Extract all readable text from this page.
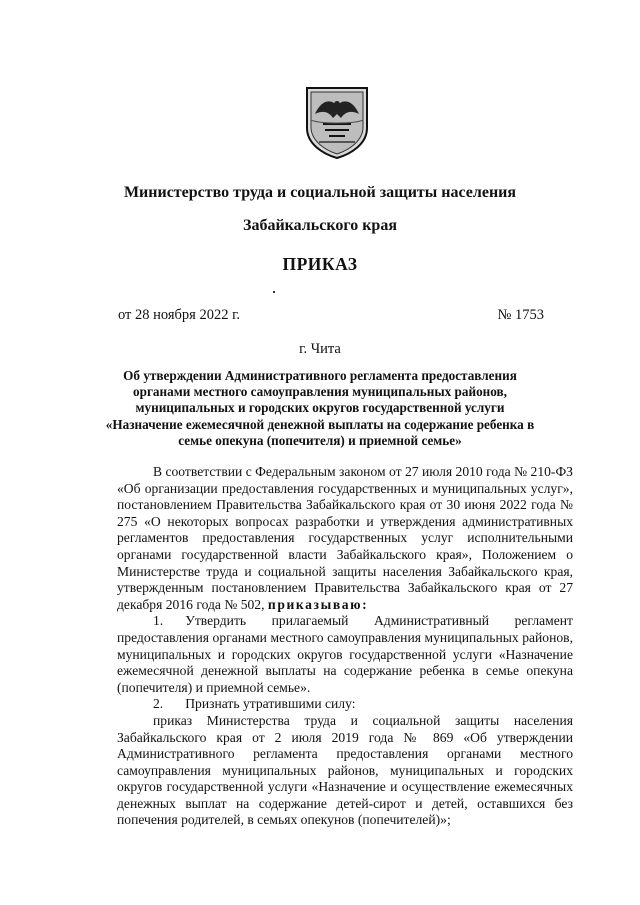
Министерство труда и социальной защиты населения
Забайкальского края
ПРИКАЗ
от 28 ноября 2022 г.	№ 1753
г. Чита
Об утверждении Административного регламента предоставления
органами местного самоуправления муниципальных районов,
муниципальных и городских округов государственной услуги
«Назначение ежемесячной денежной выплаты на содержание ребенка в
семье опекуна (попечителя) и приемной семье»

В соответствии с Федеральным законом от 27 июля 2010 года № 210-ФЗ «Об организации предоставления государственных и муниципальных услуг», постановлением Правительства Забайкальского края от 30 июня 2022 года № 275 «О некоторых вопросах разработки и утверждения административных регламентов предоставления государственных услуг исполнительными органами государственной власти Забайкальского края», Положением о Министерстве труда и социальной защиты населения Забайкальского края, утвержденным постановлением Правительства Забайкальского края от 27 декабря 2016 года № 502, приказываю:

1. Утвердить прилагаемый Административный регламент предоставления органами местного самоуправления муниципальных районов, муниципальных и городских округов государственной услуги «Назначение ежемесячной денежной выплаты на содержание ребенка в семье опекуна (попечителя) и приемной семье».

2. Признать утратившими силу:

приказ Министерства труда и социальной защиты населения Забайкальского края от 2 июля 2019 года № 869 «Об утверждении Административного регламента предоставления органами местного самоуправления муниципальных районов, муниципальных и городских округов государственной услуги «Назначение и осуществление ежемесячных денежных выплат на содержание детей-сирот и детей, оставшихся без попечения родителей, в семьях опекунов (попечителей)»;
